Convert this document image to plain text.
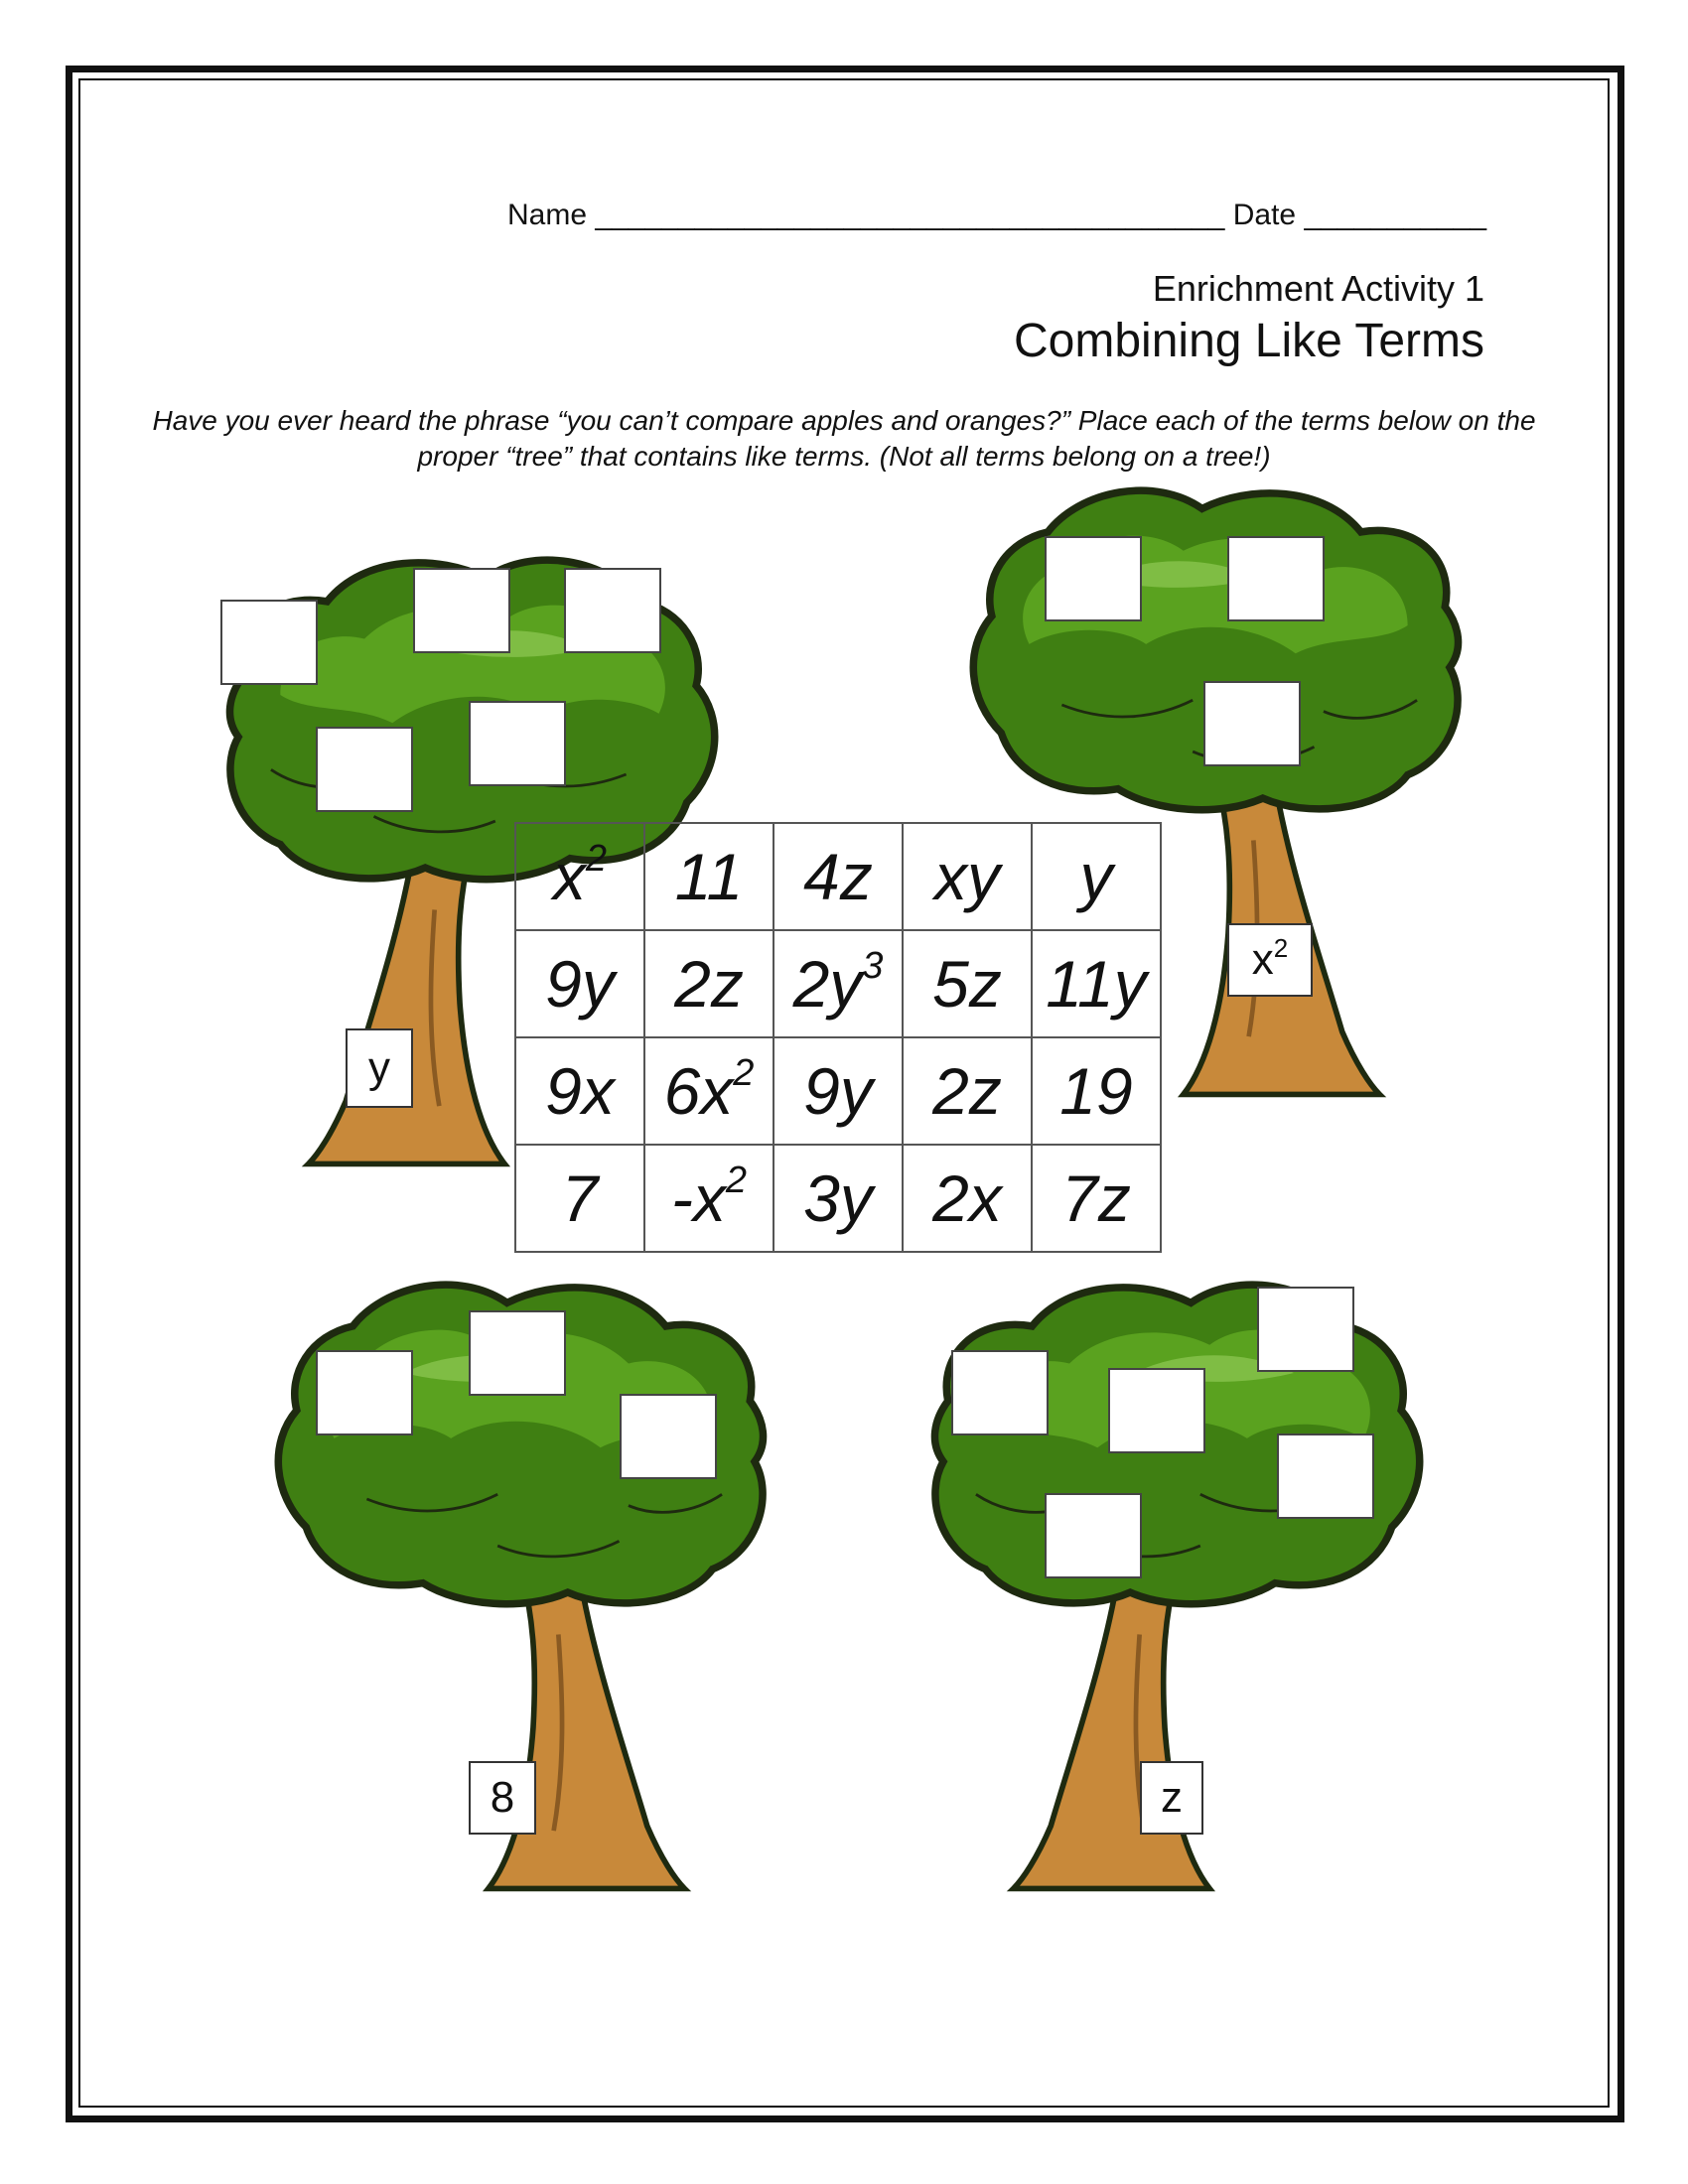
Name ______________________________________ Date ___________
Enrichment Activity 1
Combining Like Terms
Have you ever heard the phrase “you can’t compare apples and oranges?” Place each of the terms below on the proper “tree” that contains like terms. (Not all terms belong on a tree!)
y
$x^2$
8	z
$x^2$	11	4z	xy	y
9y	2z	$2y^3$	5z	11y
9x	$6x^2$	9y	2z	19
7	$-x^2$	3y	2x	7z
